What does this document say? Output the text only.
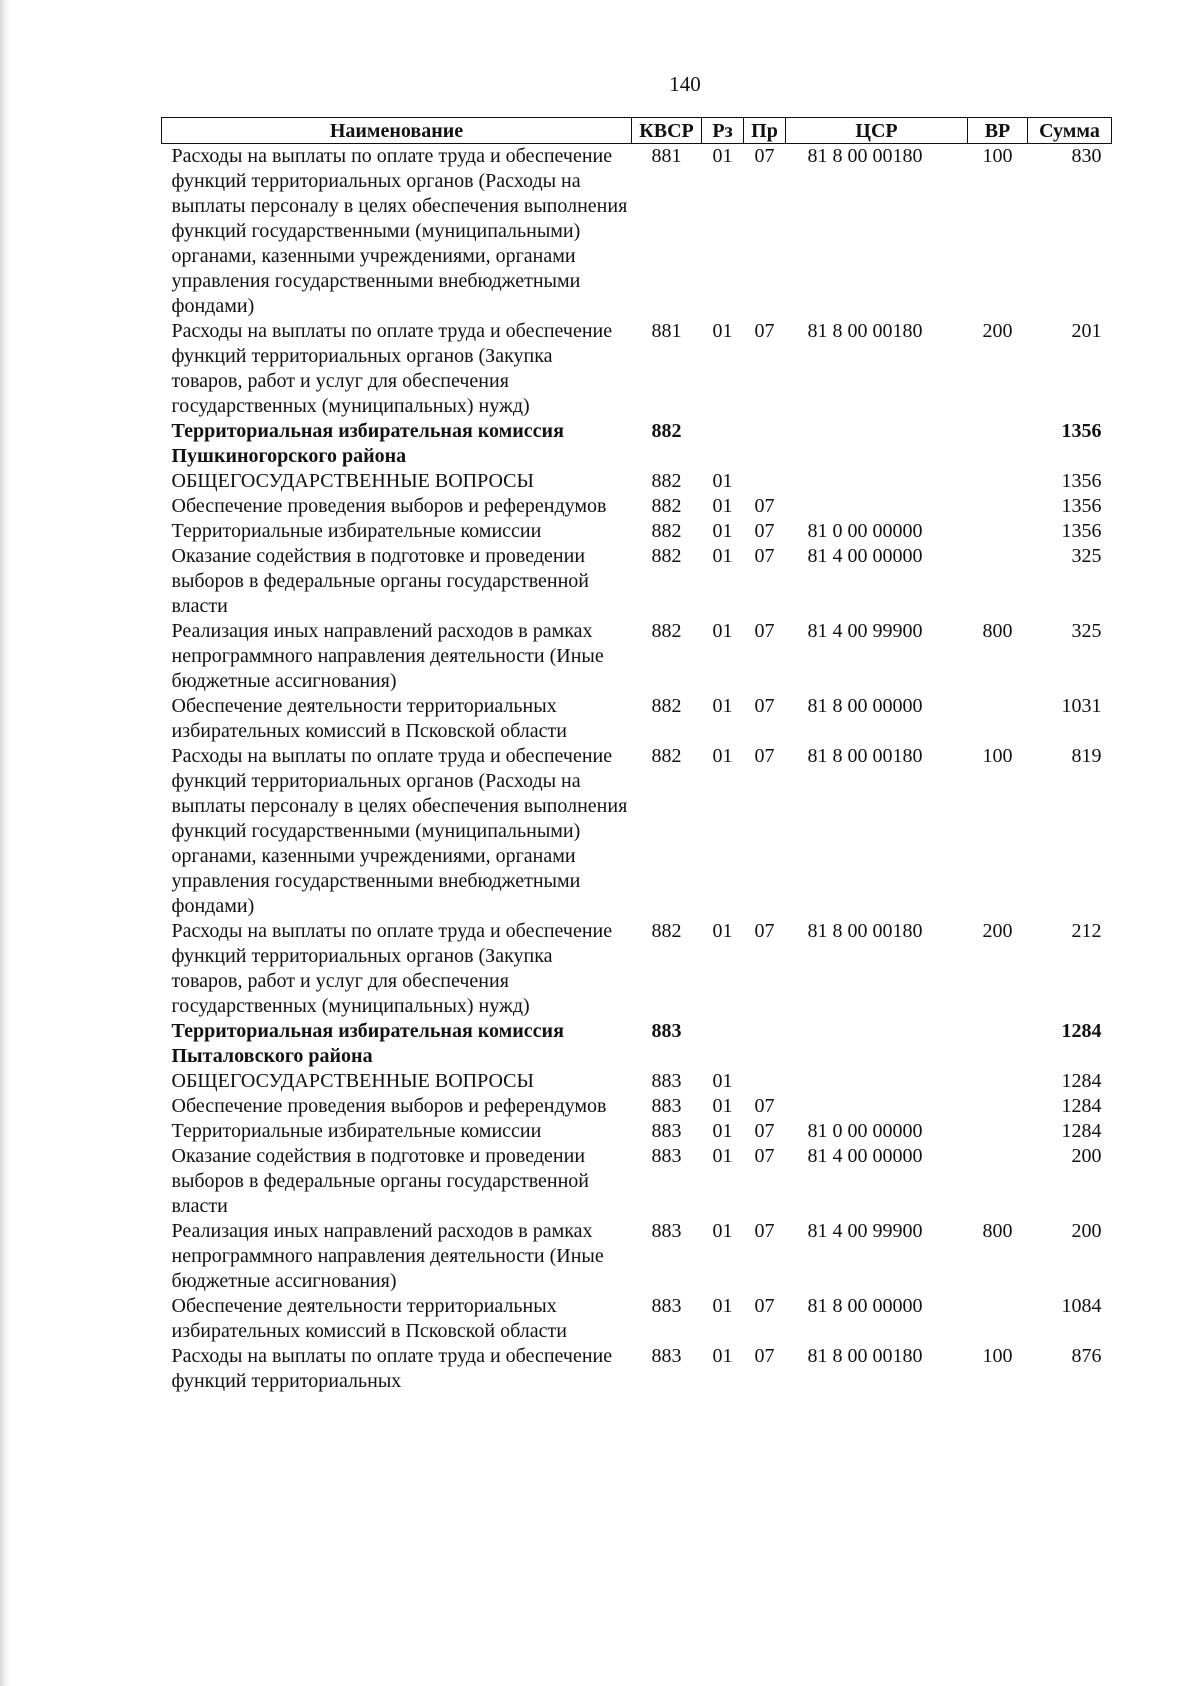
140
Наименование	КВСР	Рз	Пр	ЦСР	ВР	Сумма
Расходы на выплаты по оплате труда и обеспечение функций территориальных органов (Расходы на выплаты персоналу в целях обеспечения выполнения функций государственными (муниципальными) органами, казенными учреждениями, органами управления государственными внебюджетными фондами)	881	01	07	81 8 00 00180	100	830
Расходы на выплаты по оплате труда и обеспечение функций территориальных органов (Закупка товаров, работ и услуг для обеспечения государственных (муниципальных) нужд)	881	01	07	81 8 00 00180	200	201
Территориальная избирательная комиссия Пушкиногорского района	882					1356
ОБЩЕГОСУДАРСТВЕННЫЕ ВОПРОСЫ	882	01				1356
Обеспечение проведения выборов и референдумов	882	01	07			1356
Территориальные избирательные комиссии	882	01	07	81 0 00 00000		1356
Оказание содействия в подготовке и проведении выборов в федеральные органы государственной власти	882	01	07	81 4 00 00000		325
Реализация иных направлений расходов в рамках непрограммного направления деятельности (Иные бюджетные ассигнования)	882	01	07	81 4 00 99900	800	325
Обеспечение деятельности территориальных избирательных комиссий в Псковской области	882	01	07	81 8 00 00000		1031
Расходы на выплаты по оплате труда и обеспечение функций территориальных органов (Расходы на выплаты персоналу в целях обеспечения выполнения функций государственными (муниципальными) органами, казенными учреждениями, органами управления государственными внебюджетными фондами)	882	01	07	81 8 00 00180	100	819
Расходы на выплаты по оплате труда и обеспечение функций территориальных органов (Закупка товаров, работ и услуг для обеспечения государственных (муниципальных) нужд)	882	01	07	81 8 00 00180	200	212
Территориальная избирательная комиссия Пыталовского района	883					1284
ОБЩЕГОСУДАРСТВЕННЫЕ ВОПРОСЫ	883	01				1284
Обеспечение проведения выборов и референдумов	883	01	07			1284
Территориальные избирательные комиссии	883	01	07	81 0 00 00000		1284
Оказание содействия в подготовке и проведении выборов в федеральные органы государственной власти	883	01	07	81 4 00 00000		200
Реализация иных направлений расходов в рамках непрограммного направления деятельности (Иные бюджетные ассигнования)	883	01	07	81 4 00 99900	800	200
Обеспечение деятельности территориальных избирательных комиссий в Псковской области	883	01	07	81 8 00 00000		1084
Расходы на выплаты по оплате труда и обеспечение функций территориальных	883	01	07	81 8 00 00180	100	876
